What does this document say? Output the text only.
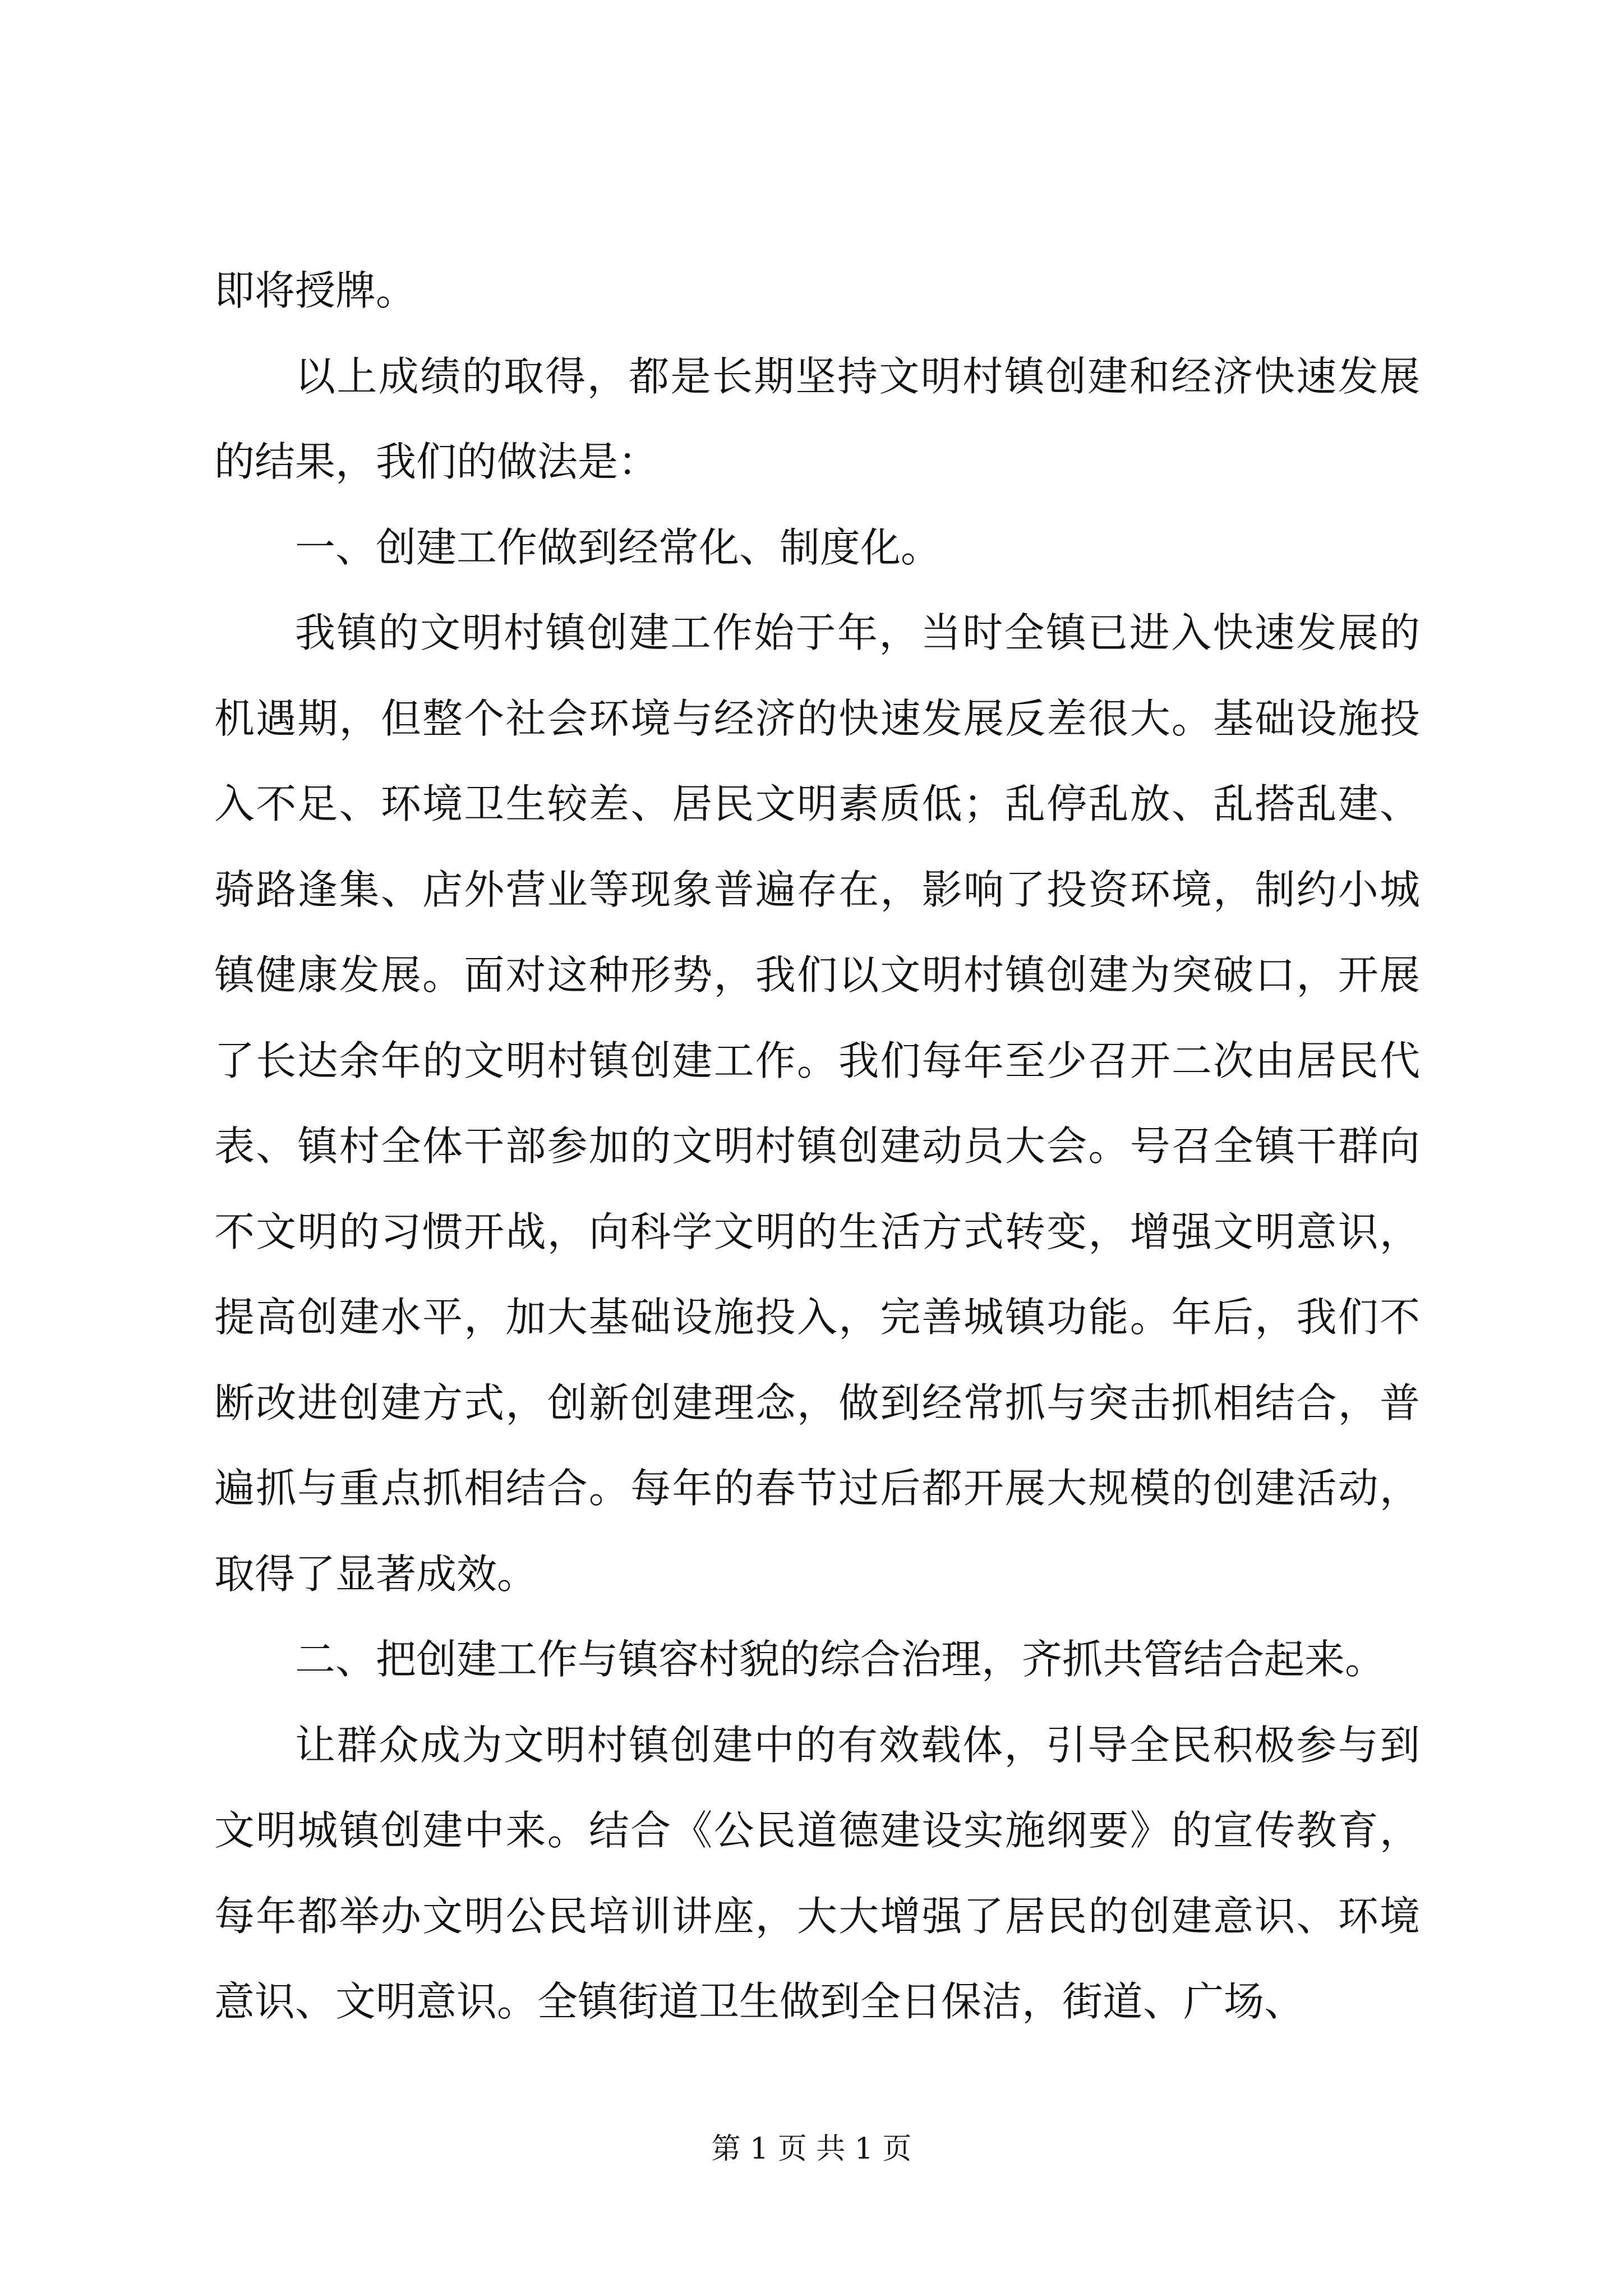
即将授牌。

以上成绩的取得，都是长期坚持文明村镇创建和经济快速发展的结果，我们的做法是：

一、创建工作做到经常化、制度化。

我镇的文明村镇创建工作始于年，当时全镇已进入快速发展的机遇期，但整个社会环境与经济的快速发展反差很大。基础设施投入不足、环境卫生较差、居民文明素质低；乱停乱放、乱搭乱建、骑路逢集、店外营业等现象普遍存在，影响了投资环境，制约小城镇健康发展。面对这种形势，我们以文明村镇创建为突破口，开展了长达余年的文明村镇创建工作。我们每年至少召开二次由居民代表、镇村全体干部参加的文明村镇创建动员大会。号召全镇干群向不文明的习惯开战，向科学文明的生活方式转变，增强文明意识，提高创建水平，加大基础设施投入，完善城镇功能。年后，我们不断改进创建方式，创新创建理念，做到经常抓与突击抓相结合，普遍抓与重点抓相结合。每年的春节过后都开展大规模的创建活动，取得了显著成效。

二、把创建工作与镇容村貌的综合治理，齐抓共管结合起来。

让群众成为文明村镇创建中的有效载体，引导全民积极参与到文明城镇创建中来。结合《公民道德建设实施纲要》的宣传教育，每年都举办文明公民培训讲座，大大增强了居民的创建意识、环境意识、文明意识。全镇街道卫生做到全日保洁，街道、广场、

第 1 页 共 1 页
